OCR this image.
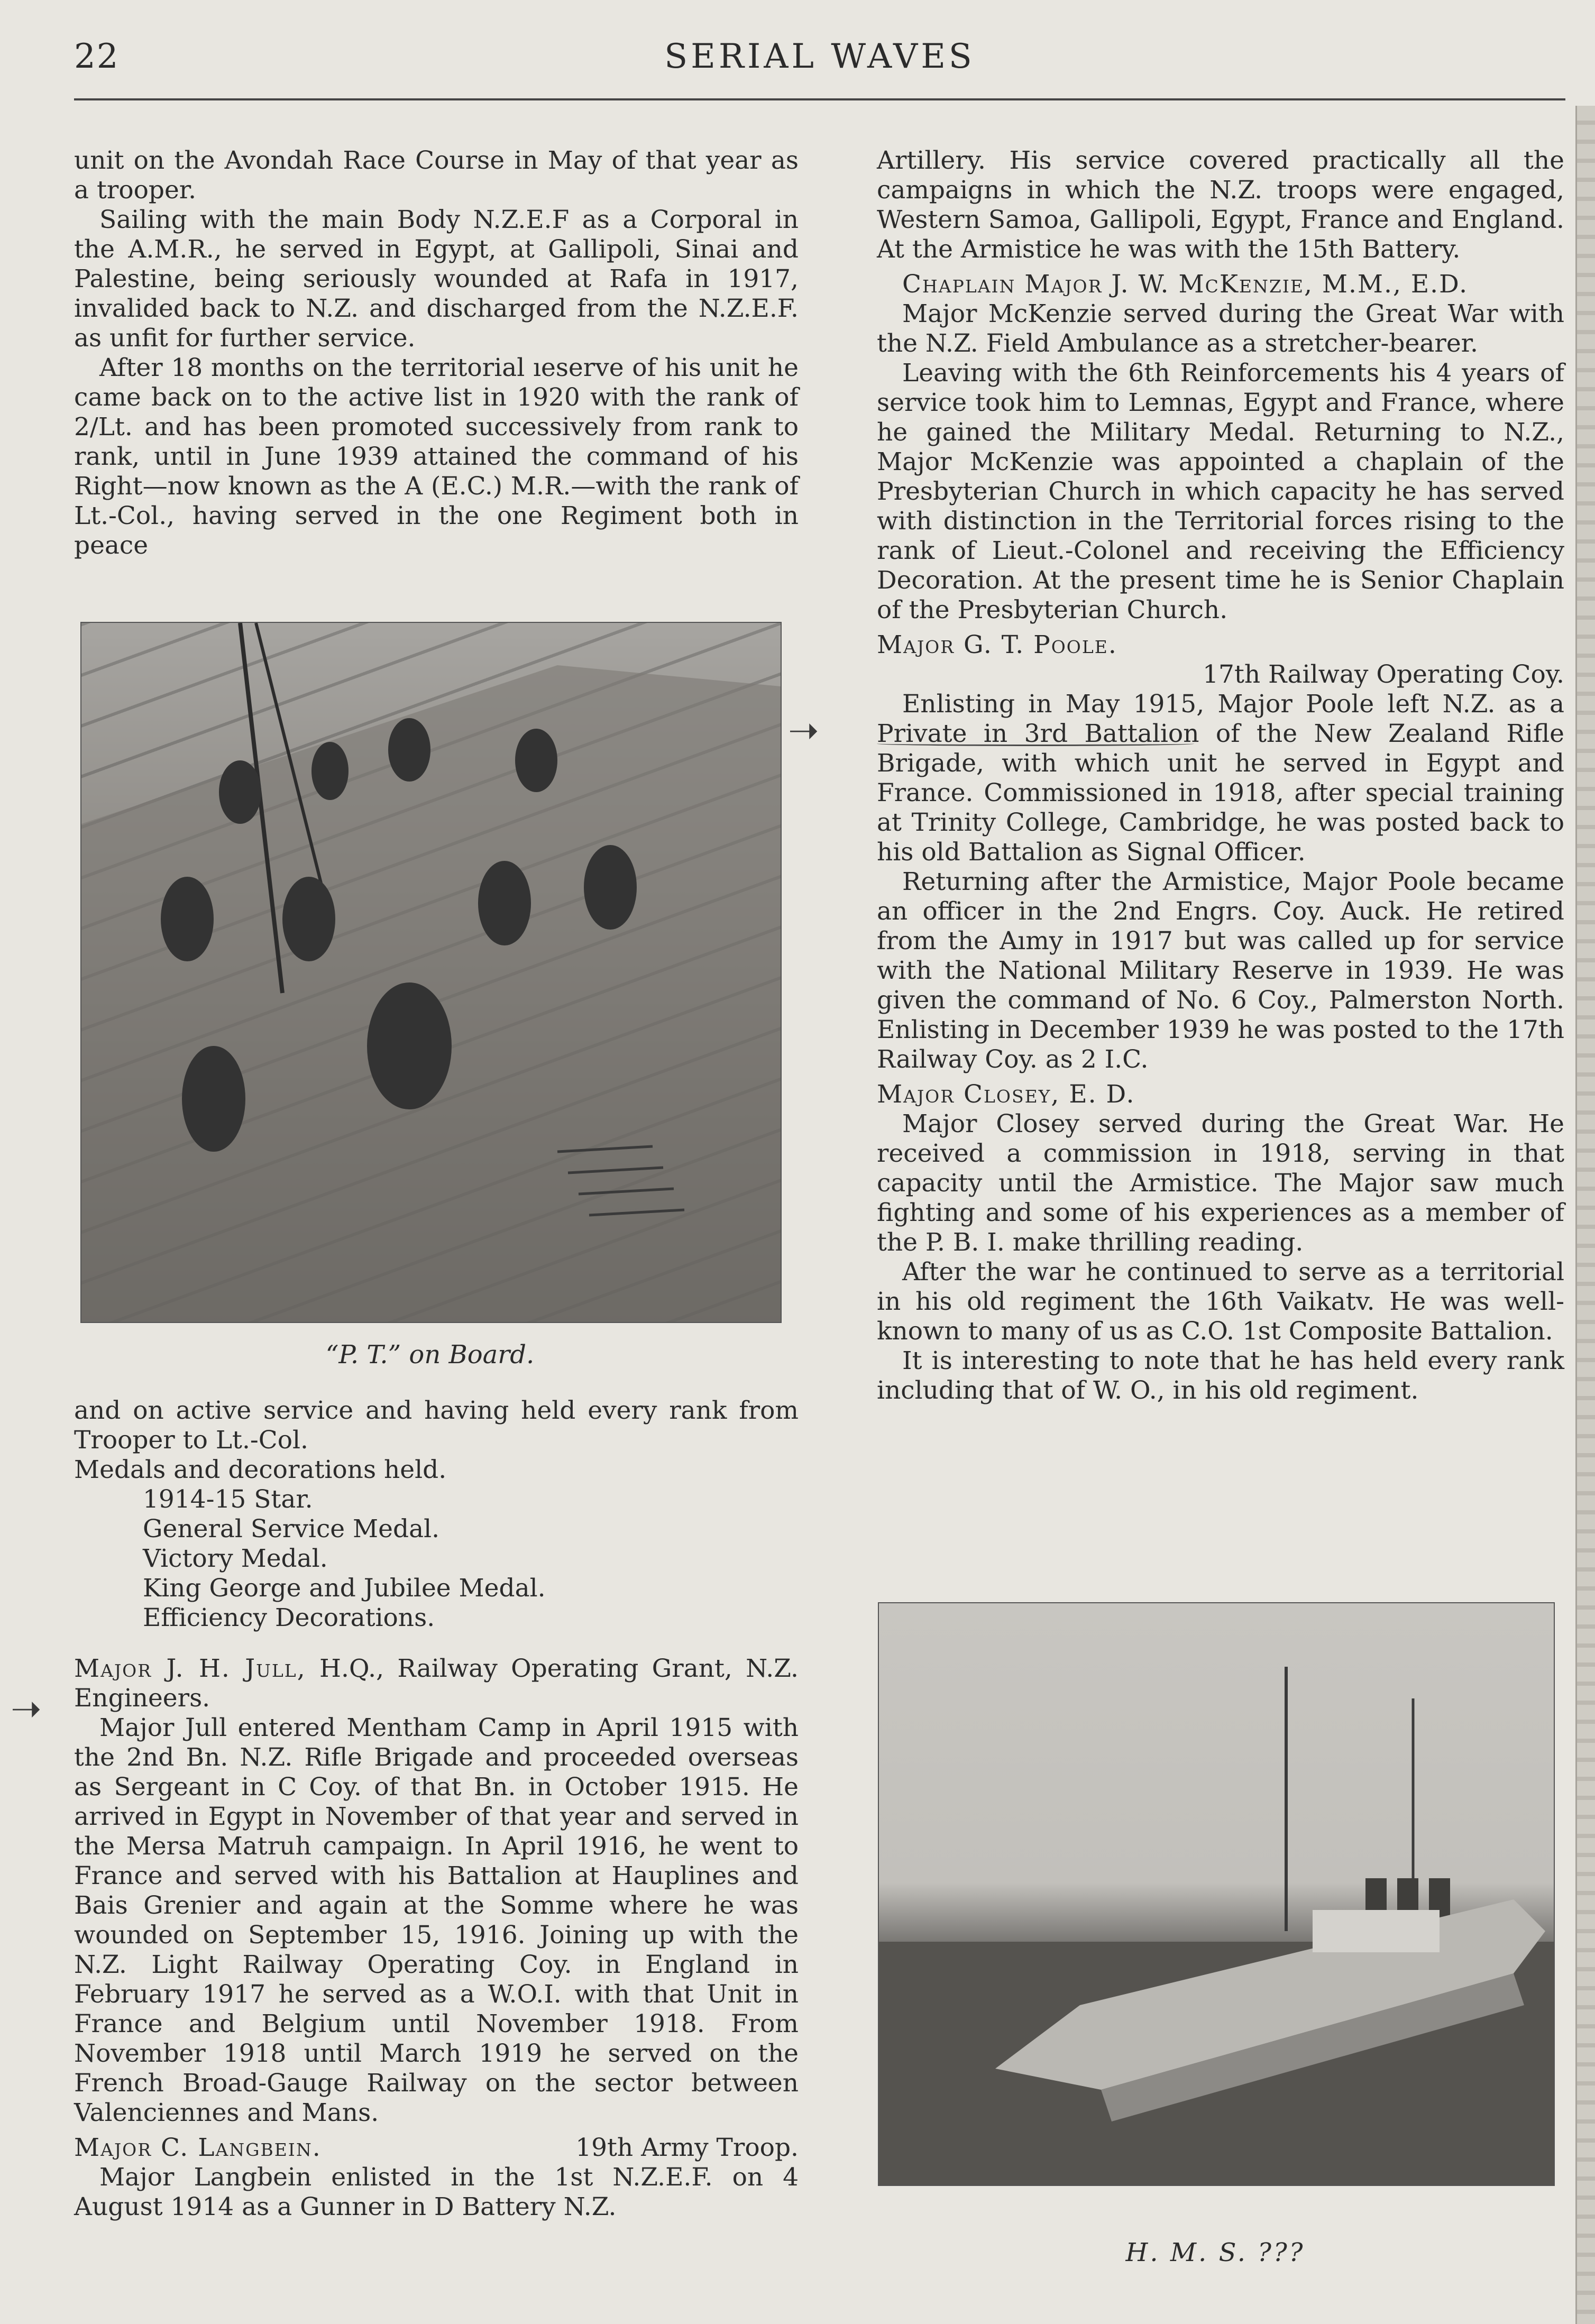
22	SERIAL WAVES

unit on the Avondah Race Course in May of that year as a trooper.

Sailing with the main Body N.Z.E.F as a Corporal in the A.M.R., he served in Egypt, at Gallipoli, Sinai and Palestine, being seriously wounded at Rafa in 1917, invalided back to N.Z. and discharged from the N.Z.E.F. as unfit for further service.

After 18 months on the territorial ıeserve of his unit he came back on to the active list in 1920 with the rank of 2/Lt. and has been promoted successively from rank to rank, until in June 1939 attained the command of his Right—now known as the A (E.C.) M.R.—with the rank of Lt.-Col., having served in the one Regiment both in peace

“P. T.” on Board.

and on active service and having held every rank from Trooper to Lt.-Col.

Medals and decorations held.

1914-15 Star.
General Service Medal.
Victory Medal.
King George and Jubilee Medal.
Efficiency Decorations.

Major J. H. Jull, H.Q., Railway Operating Grant, N.Z. Engineers.

Major Jull entered Mentham Camp in April 1915 with the 2nd Bn. N.Z. Rifle Brigade and proceeded overseas as Sergeant in C Coy. of that Bn. in October 1915. He arrived in Egypt in November of that year and served in the Mersa Matruh campaign. In April 1916, he went to France and served with his Battalion at Hauplines and Bais Grenier and again at the Somme where he was wounded on September 15, 1916. Joining up with the N.Z. Light Railway Operating Coy. in England in February 1917 he served as a W.O.I. with that Unit in France and Belgium until November 1918. From November 1918 until March 1919 he served on the French Broad-Gauge Railway on the sector between Valenciennes and Mans.

Major C. Langbein.	19th Army Troop.

Major Langbein enlisted in the 1st N.Z.E.F. on 4 August 1914 as a Gunner in D Battery N.Z.

Artillery. His service covered practically all the campaigns in which the N.Z. troops were engaged, Western Samoa, Gallipoli, Egypt, France and England. At the Armistice he was with the 15th Battery.

Chaplain Major J. W. McKenzie, M.M., E.D.

Major McKenzie served during the Great War with the N.Z. Field Ambulance as a stretcher-bearer.

Leaving with the 6th Reinforcements his 4 years of service took him to Lemnas, Egypt and France, where he gained the Military Medal. Returning to N.Z., Major McKenzie was appointed a chaplain of the Presbyterian Church in which capacity he has served with distinction in the Territorial forces rising to the rank of Lieut.-Colonel and receiving the Efficiency Decoration. At the present time he is Senior Chaplain of the Presbyterian Church.

Major G. T. Poole.

17th Railway Operating Coy.

Enlisting in May 1915, Major Poole left N.Z. as a Private in 3rd Battalion of the New Zealand Rifle Brigade, with which unit he served in Egypt and France. Commissioned in 1918, after special training at Trinity College, Cambridge, he was posted back to his old Battalion as Signal Officer.

Returning after the Armistice, Major Poole became an officer in the 2nd Engrs. Coy. Auck. He retired from the Aımy in 1917 but was called up for service with the National Military Reserve in 1939. He was given the command of No. 6 Coy., Palmerston North. Enlisting in December 1939 he was posted to the 17th Railway Coy. as 2 I.C.

Major Closey, E. D.

Major Closey served during the Great War. He received a commission in 1918, serving in that capacity until the Armistice. The Major saw much fighting and some of his experiences as a member of the P. B. I. make thrilling reading.

After the war he continued to serve as a territorial in his old regiment the 16th Vaikatv. He was well-known to many of us as C.O. 1st Composite Battalion.

It is interesting to note that he has held every rank including that of W. O., in his old regiment.

H. M. S. ???
➝
➝
